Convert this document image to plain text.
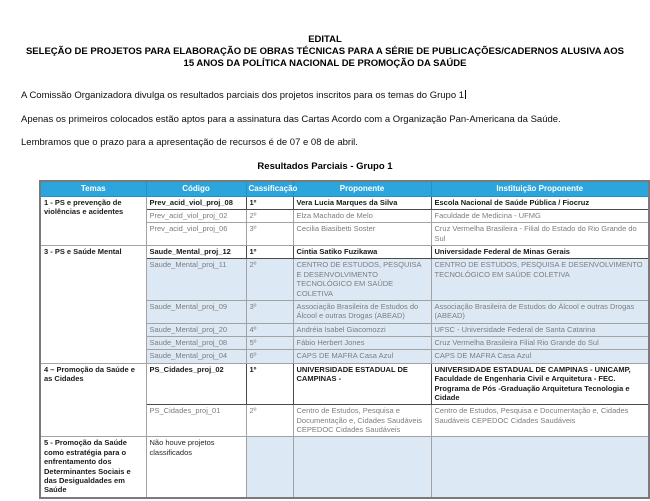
EDITAL
SELEÇÃO DE PROJETOS PARA ELABORAÇÃO DE OBRAS TÉCNICAS PARA A SÉRIE DE PUBLICAÇÕES/CADERNOS ALUSIVA AOS
15 ANOS DA POLÍTICA NACIONAL DE PROMOÇÃO DA SAÚDE

A Comissão Organizadora divulga os resultados parciais dos projetos inscritos para os temas do Grupo 1

Apenas os primeiros colocados estão aptos para a assinatura das Cartas Acordo com a Organização Pan-Americana da Saúde.

Lembramos que o prazo para a apresentação de recursos é de 07 e 08 de abril.

Resultados Parciais - Grupo 1
Temas	Código	Cassificação	Proponente	Instituição Proponente
1 - PS e prevenção de violências e acidentes	Prev_acid_viol_proj_08	1º	Vera Lucia Marques da Silva	Escola Nacional de Saúde Pública / Fiocruz
	Prev_acid_viol_proj_02	2º	Elza Machado de Melo	Faculdade de Medicina - UFMG
	Prev_acid_viol_proj_06	3º	Cecilia Biasibetti Soster	Cruz Vermelha Brasileira - Filial do Estado do Rio Grande do Sul
3 - PS e Saúde Mental	Saude_Mental_proj_12	1º	Cintia Satiko Fuzikawa	Universidade Federal de Minas Gerais
	Saude_Mental_proj_11	2º	CENTRO DE ESTUDOS, PESQUISA E DESENVOLVIMENTO TECNOLÓGICO EM SAÚDE COLETIVA	CENTRO DE ESTUDOS, PESQUISA E DESENVOLVIMENTO TECNOLÓGICO EM SAÚDE COLETIVA
	Saude_Mental_proj_09	3º	Associação Brasileira de Estudos do Álcool e outras Drogas (ABEAD)	Associação Brasileira de Estudos do Álcool e outras Drogas (ABEAD)
	Saude_Mental_proj_20	4º	Andréia Isabel Giacomozzi	UFSC - Universidade Federal de Santa Catarina
	Saude_Mental_proj_08	5º	Fábio Herbert Jones	Cruz Vermelha Brasileira Filial Rio Grande do Sul
	Saude_Mental_proj_04	6º	CAPS DE MAFRA Casa Azul	CAPS DE MAFRA Casa Azul
4 – Promoção da Saúde e as Cidades	PS_Cidades_proj_02	1º	UNIVERSIDADE ESTADUAL DE CAMPINAS -	UNIVERSIDADE ESTADUAL DE CAMPINAS - UNICAMP, Faculdade de Engenharia Civil e Arquitetura - FEC. Programa de Pós -Graduação Arquitetura Tecnologia e Cidade
	PS_Cidades_proj_01	2º	Centro de Estudos, Pesquisa e Documentação e, Cidades Saudáveis CEPEDOC Cidades Saudáveis	Centro de Estudos, Pesquisa e Documentação e, Cidades Saudáveis CEPEDOC Cidades Saudáveis
5 - Promoção da Saúde como estratégia para o enfrentamento dos Determinantes Sociais e das Desigualdades em Saúde	Não houve projetos classificados			
